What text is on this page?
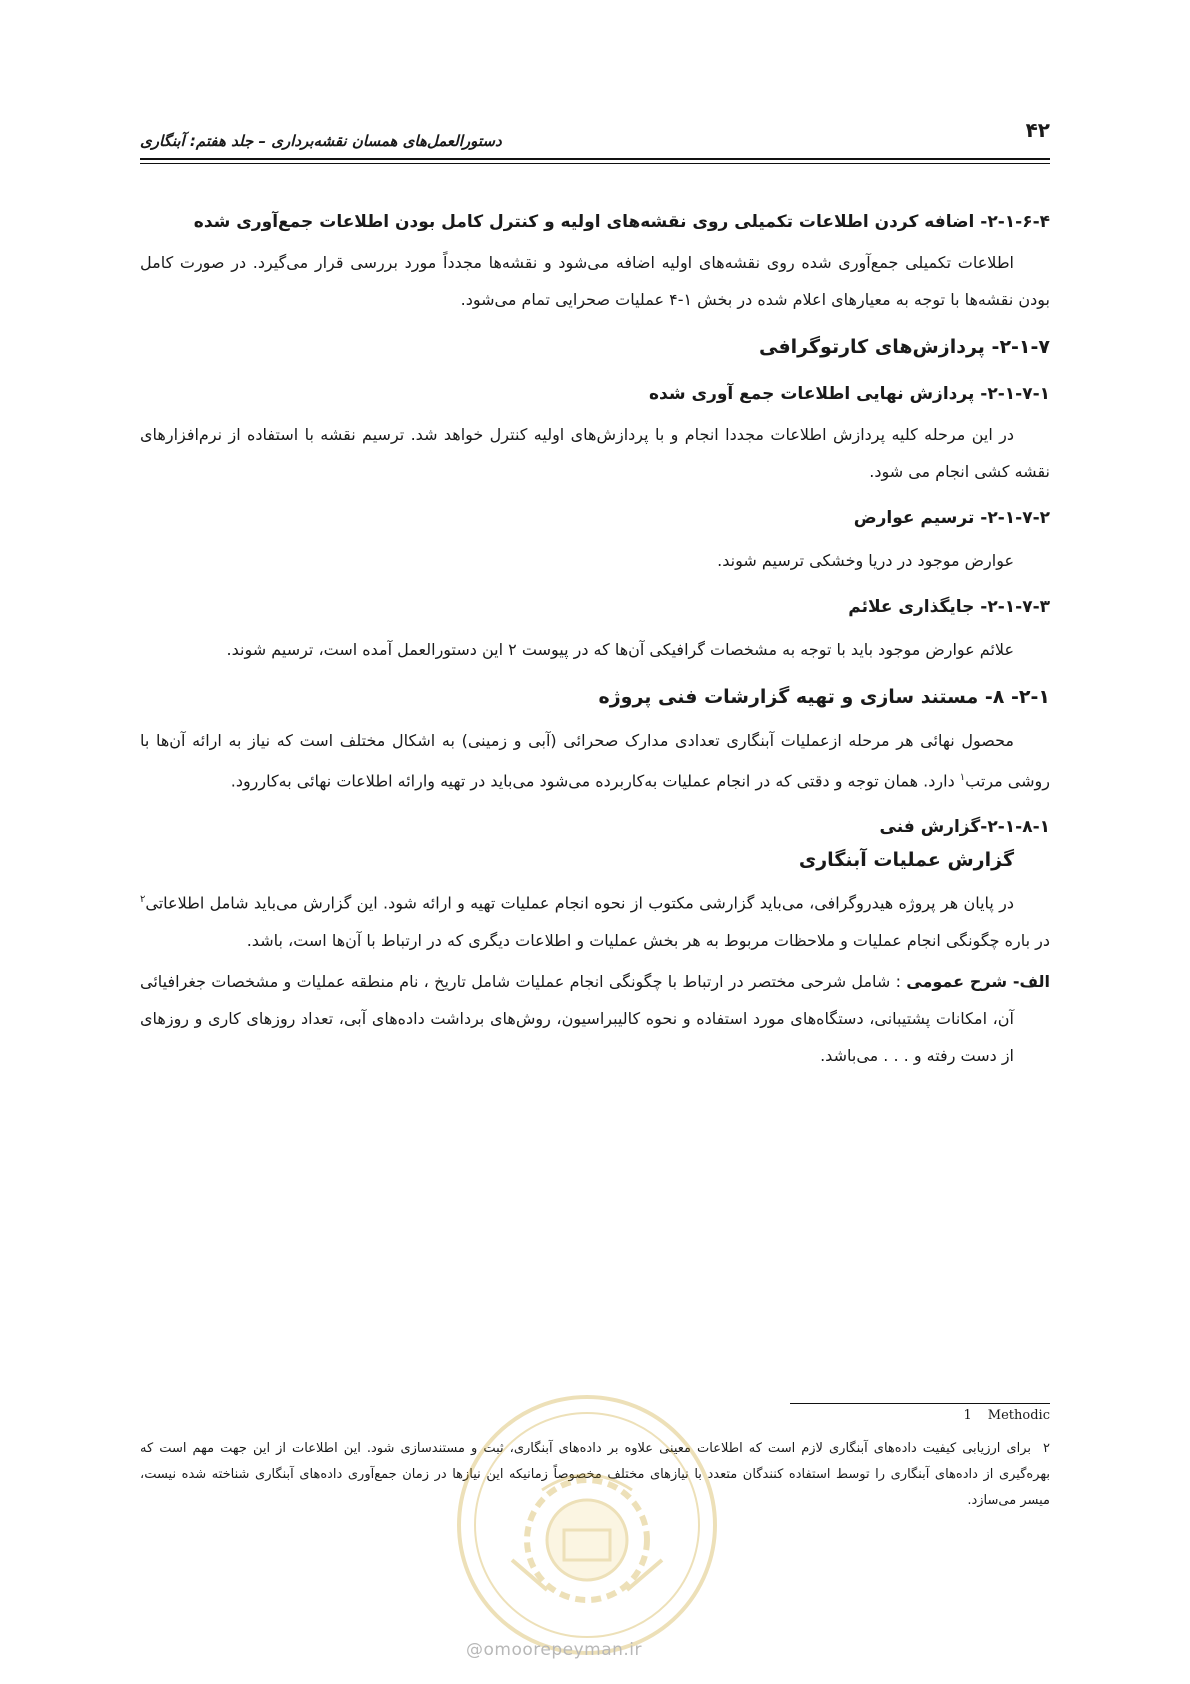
۴۲
دستورالعمل‌های همسان نقشه‌برداری – جلد هفتم: آبنگاری
۲-۱-۶-۴- اضافه کردن اطلاعات تکمیلی روی نقشه‌های اولیه و کنترل کامل بودن اطلاعات جمع‌آوری شده

اطلاعات تکمیلی جمع‌آوری شده روی نقشه‌های اولیه اضافه می‌شود و نقشه‌ها مجدداً مورد بررسی قرار می‌گیرد. در صورت کامل بودن نقشه‌ها با توجه به معیارهای اعلام شده در بخش ۱-۴ عملیات صحرایی تمام می‌شود.

۲-۱-۷- پردازش‌های کارتوگرافی
۲-۱-۷-۱- پردازش نهایی اطلاعات جمع آوری شده

در این مرحله کلیه پردازش اطلاعات مجددا انجام و با پردازش‌های اولیه کنترل خواهد شد. ترسیم نقشه با استفاده از نرم‌افزارهای نقشه کشی انجام می شود.

۲-۱-۷-۲- ترسیم عوارض

عوارض موجود در دریا وخشکی ترسیم شوند.

۲-۱-۷-۳- جایگذاری علائم

علائم عوارض موجود باید با توجه به مشخصات گرافیکی آن‌ها که در پیوست ۲ این دستورالعمل آمده است، ترسیم شوند.

۲-۱- ۸- مستند سازی و تهیه گزارشات فنی پروژه

محصول نهائی هر مرحله ازعملیات آبنگاری تعدادی مدارک صحرائی (آبی و زمینی) به اشکال مختلف است که نیاز به ارائه آن‌ها با روشی مرتب$^۱$ دارد. همان توجه و دقتی که در انجام عملیات به‌کاربرده می‌شود می‌باید در تهیه وارائه اطلاعات نهائی به‌کاررود.

۲-۱-۸-۱-گزارش فنی
گزارش عملیات آبنگاری

در پایان هر پروژه هیدروگرافی، می‌باید گزارشی مکتوب از نحوه انجام عملیات تهیه و ارائه شود. این گزارش می‌باید شامل اطلاعاتی$^۲$ در باره چگونگی انجام عملیات و ملاحظات مربوط به هر بخش عملیات و اطلاعات دیگری که در ارتباط با آن‌ها است، باشد.

الف- شرح عمومی : شامل شرحی مختصر در ارتباط با چگونگی انجام عملیات شامل تاریخ ، نام منطقه عملیات و مشخصات جغرافیائی آن، امکانات پشتیبانی، دستگاه‌های مورد استفاده و نحوه کالیبراسیون، روش‌های برداشت داده‌های آبی، تعداد روزهای کاری و روزهای از دست رفته و . . . می‌باشد.

1 Methodic
۲برای ارزیابی کیفیت داده‌های آبنگاری لازم است که اطلاعات معینی علاوه بر داده‌های آبنگاری، ثبت و مستندسازی شود. این اطلاعات از این جهت مهم است که بهره‌گیری از داده‌های آبنگاری را توسط استفاده کنندگان متعدد با نیازهای مختلف مخصوصاً زمانیکه این نیازها در زمان جمع‌آوری داده‌های آبنگاری شناخته شده نیست، میسر می‌سازد.
@omoorepeyman.ir
